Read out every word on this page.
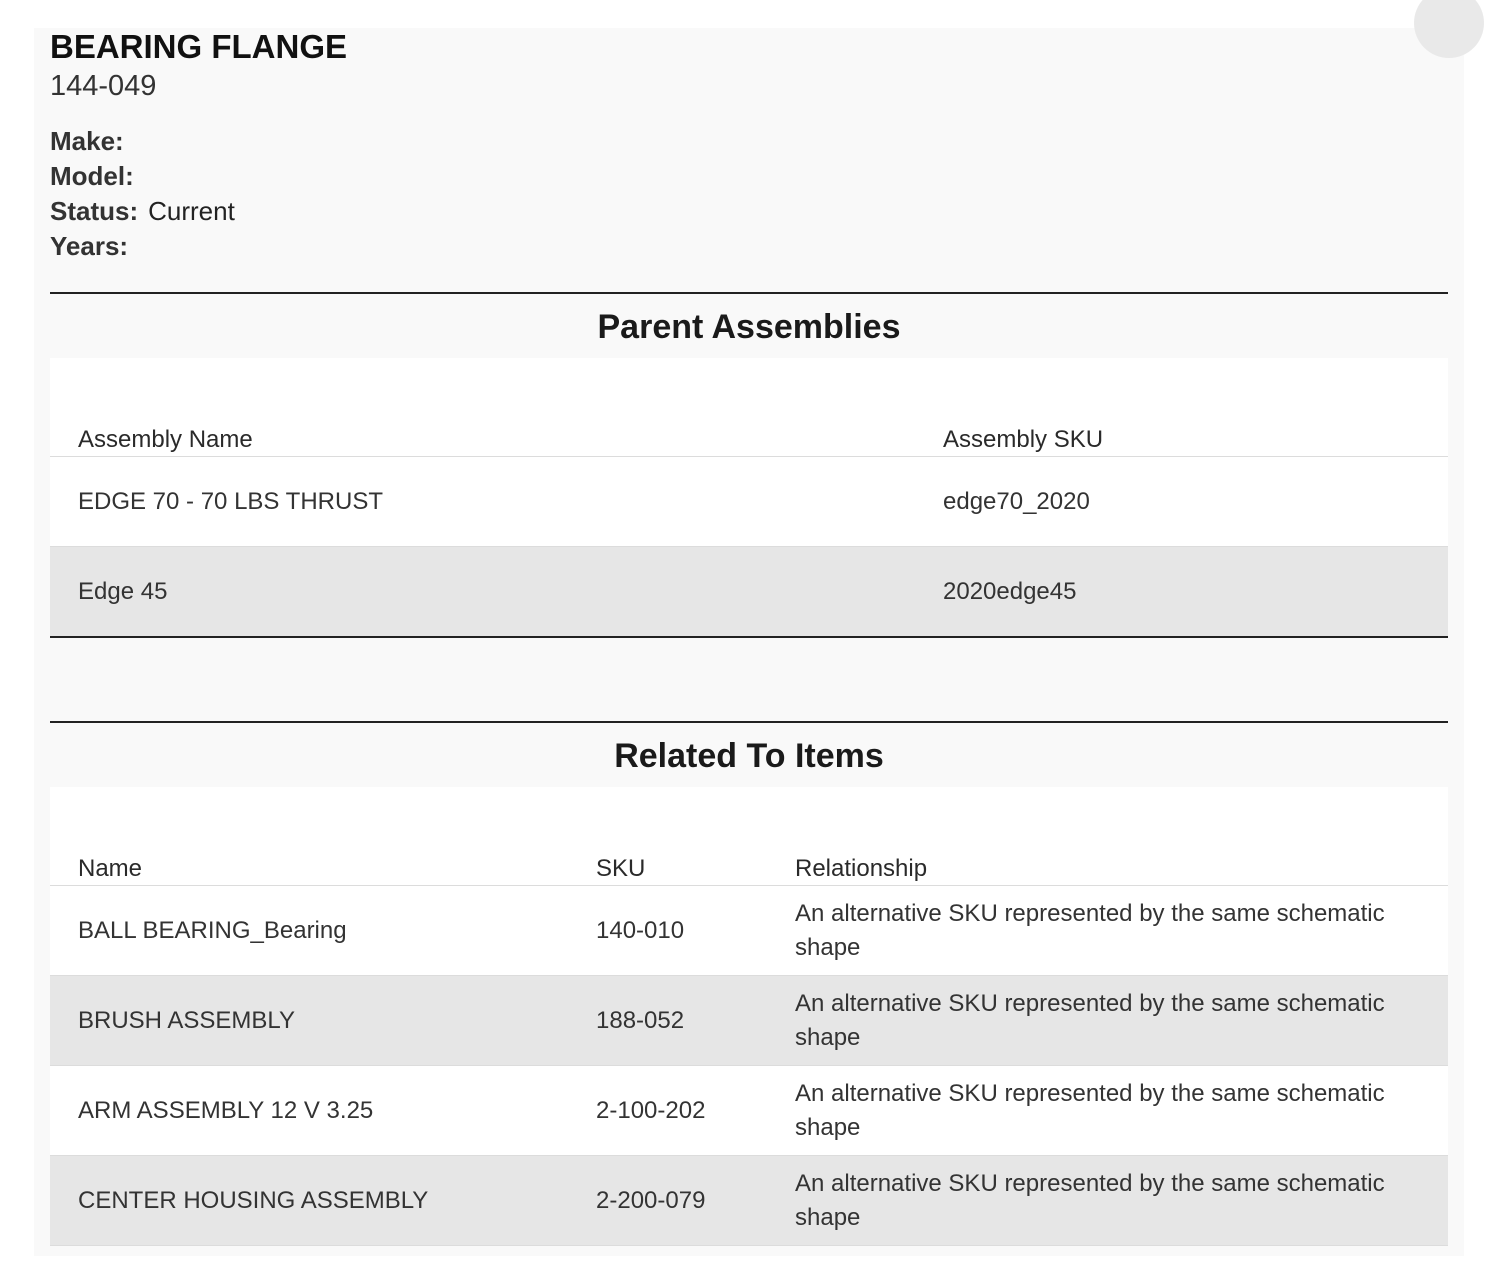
BEARING FLANGE
144-049
Make:
Model:
Status: Current
Years:
Parent Assemblies
Assembly Name	Assembly SKU
EDGE 70 - 70 LBS THRUST	edge70_2020
Edge 45	2020edge45
Related To Items
Name	SKU	Relationship
BALL BEARING_Bearing	140-010	An alternative SKU represented by the same schematic shape
BRUSH ASSEMBLY	188-052	An alternative SKU represented by the same schematic shape
ARM ASSEMBLY 12 V 3.25	2-100-202	An alternative SKU represented by the same schematic shape
CENTER HOUSING ASSEMBLY	2-200-079	An alternative SKU represented by the same schematic shape
